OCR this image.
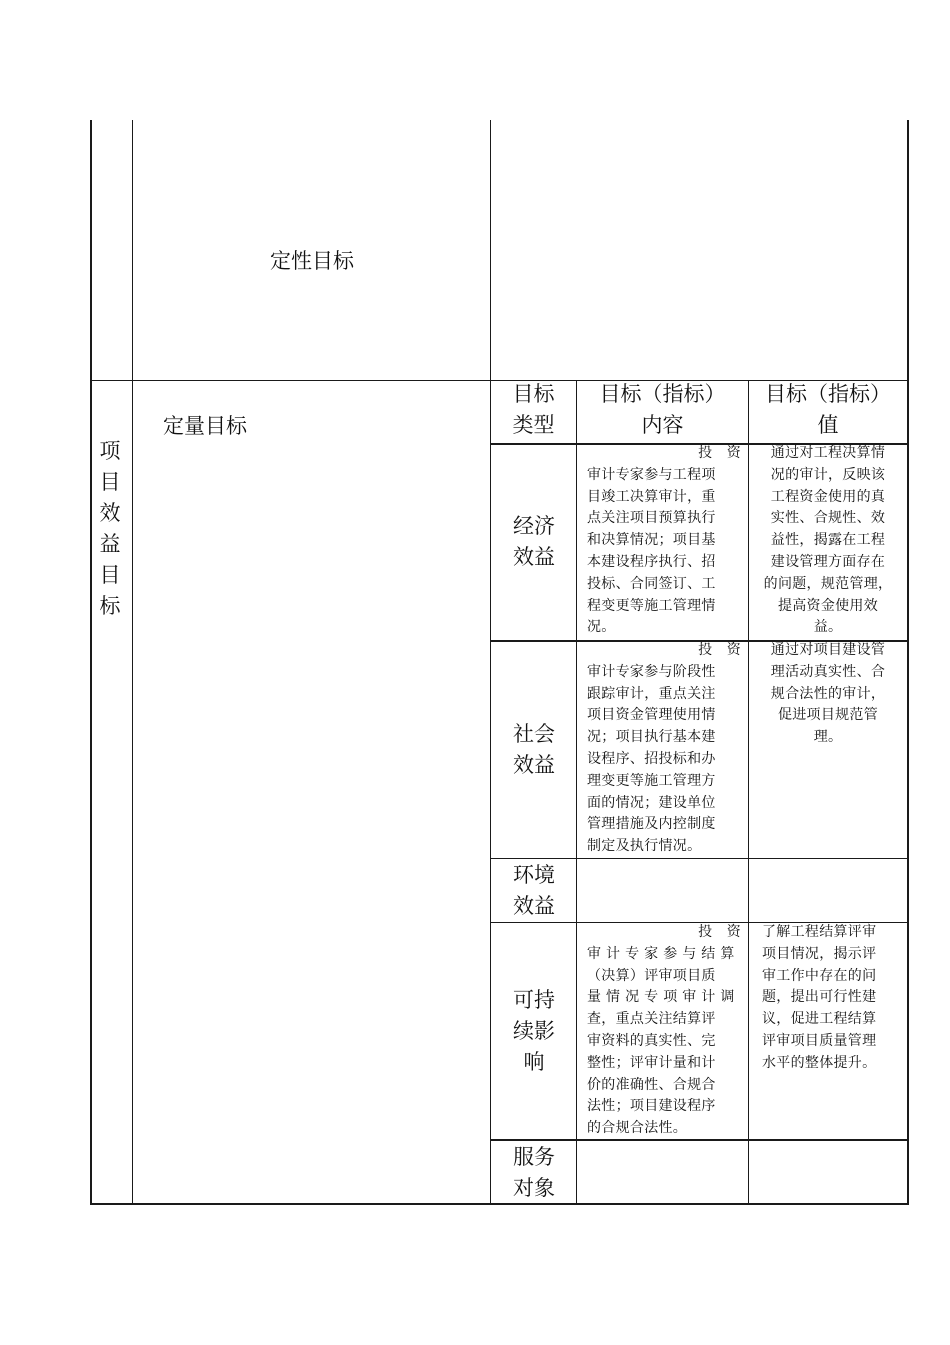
定性目标
项
目
效
益
目
标
定量目标
目标
类型
目标（指标）
内容
目标（指标）
值
经济
效益
投　资
审计专家参与工程项
目竣工决算审计，重
点关注项目预算执行
和决算情况；项目基
本建设程序执行、招
投标、合同签订、工
程变更等施工管理情
况。
通过对工程决算情
况的审计，反映该
工程资金使用的真
实性、合规性、效
益性，揭露在工程
建设管理方面存在
的问题，规范管理，
提高资金使用效
益。
社会
效益
投　资
审计专家参与阶段性
跟踪审计，重点关注
项目资金管理使用情
况；项目执行基本建
设程序、招投标和办
理变更等施工管理方
面的情况；建设单位
管理措施及内控制度
制定及执行情况。
通过对项目建设管
理活动真实性、合
规合法性的审计，
促进项目规范管
理。
环境
效益
可持
续影
响
投　资
审 计 专 家 参 与 结 算
（决算）评审项目质
量 情 况 专 项 审 计 调
查，重点关注结算评
审资料的真实性、完
整性；评审计量和计
价的准确性、合规合
法性；项目建设程序
的合规合法性。
了解工程结算评审
项目情况，揭示评
审工作中存在的问
题，提出可行性建
议，促进工程结算
评审项目质量管理
水平的整体提升。
服务
对象
